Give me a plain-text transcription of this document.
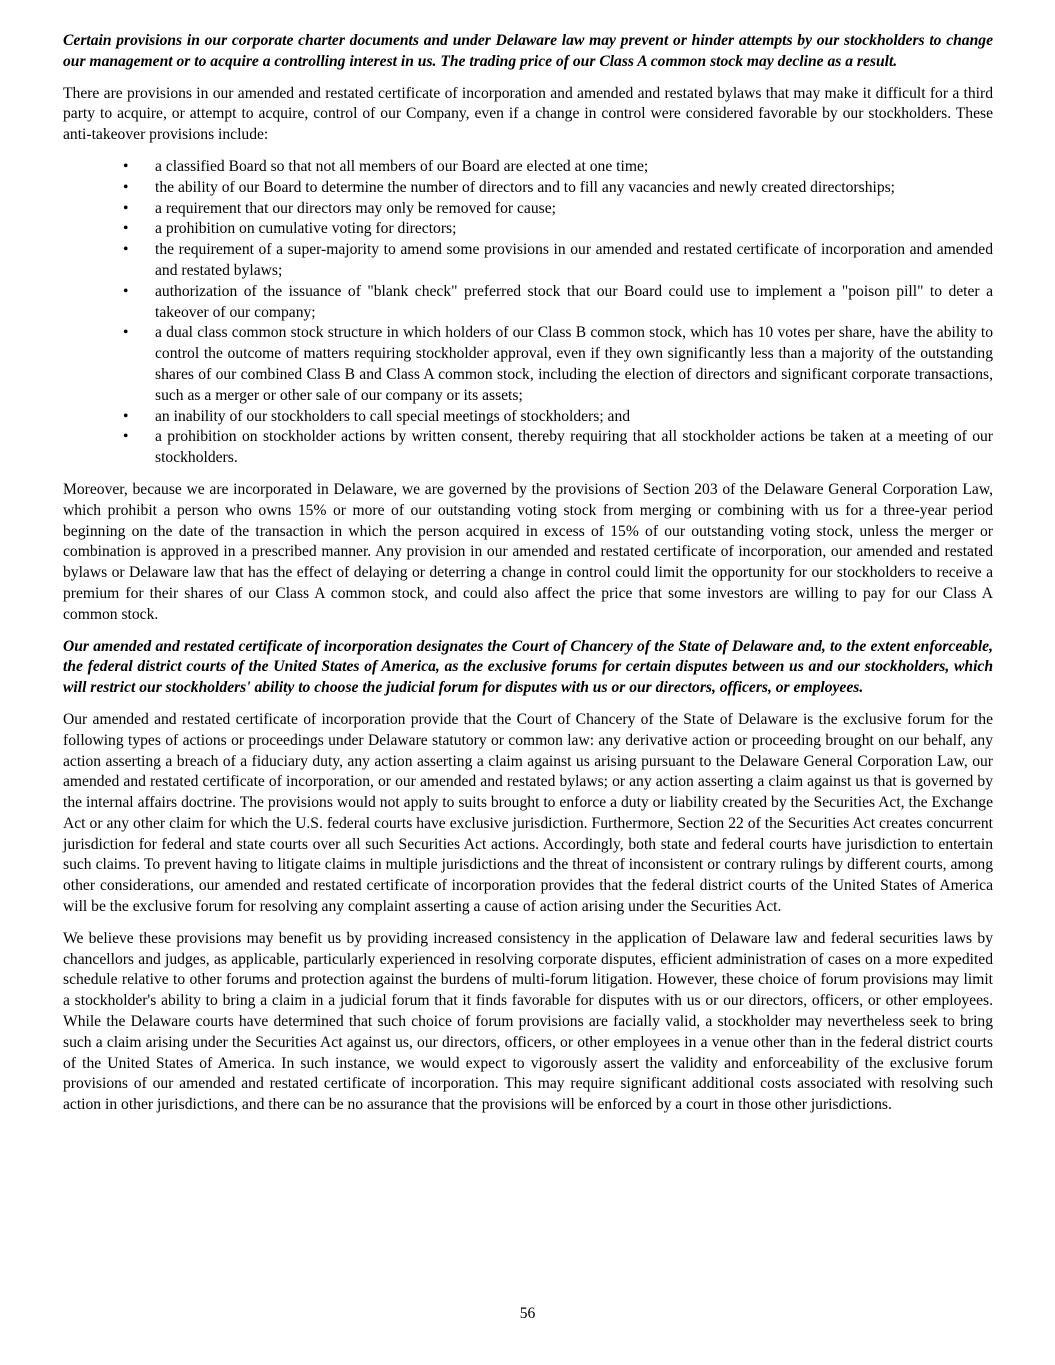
Certain provisions in our corporate charter documents and under Delaware law may prevent or hinder attempts by our stockholders to change our management or to acquire a controlling interest in us. The trading price of our Class A common stock may decline as a result.

There are provisions in our amended and restated certificate of incorporation and amended and restated bylaws that may make it difficult for a third party to acquire, or attempt to acquire, control of our Company, even if a change in control were considered favorable by our stockholders. These anti-takeover provisions include:

• a classified Board so that not all members of our Board are elected at one time;
• the ability of our Board to determine the number of directors and to fill any vacancies and newly created directorships;
• a requirement that our directors may only be removed for cause;
• a prohibition on cumulative voting for directors;
• the requirement of a super-majority to amend some provisions in our amended and restated certificate of incorporation and amended and restated bylaws;
• authorization of the issuance of "blank check" preferred stock that our Board could use to implement a "poison pill" to deter a takeover of our company;
• a dual class common stock structure in which holders of our Class B common stock, which has 10 votes per share, have the ability to control the outcome of matters requiring stockholder approval, even if they own significantly less than a majority of the outstanding shares of our combined Class B and Class A common stock, including the election of directors and significant corporate transactions, such as a merger or other sale of our company or its assets;
• an inability of our stockholders to call special meetings of stockholders; and
• a prohibition on stockholder actions by written consent, thereby requiring that all stockholder actions be taken at a meeting of our stockholders.

Moreover, because we are incorporated in Delaware, we are governed by the provisions of Section 203 of the Delaware General Corporation Law, which prohibit a person who owns 15% or more of our outstanding voting stock from merging or combining with us for a three-year period beginning on the date of the transaction in which the person acquired in excess of 15% of our outstanding voting stock, unless the merger or combination is approved in a prescribed manner. Any provision in our amended and restated certificate of incorporation, our amended and restated bylaws or Delaware law that has the effect of delaying or deterring a change in control could limit the opportunity for our stockholders to receive a premium for their shares of our Class A common stock, and could also affect the price that some investors are willing to pay for our Class A common stock.

Our amended and restated certificate of incorporation designates the Court of Chancery of the State of Delaware and, to the extent enforceable, the federal district courts of the United States of America, as the exclusive forums for certain disputes between us and our stockholders, which will restrict our stockholders' ability to choose the judicial forum for disputes with us or our directors, officers, or employees.

Our amended and restated certificate of incorporation provide that the Court of Chancery of the State of Delaware is the exclusive forum for the following types of actions or proceedings under Delaware statutory or common law: any derivative action or proceeding brought on our behalf, any action asserting a breach of a fiduciary duty, any action asserting a claim against us arising pursuant to the Delaware General Corporation Law, our amended and restated certificate of incorporation, or our amended and restated bylaws; or any action asserting a claim against us that is governed by the internal affairs doctrine. The provisions would not apply to suits brought to enforce a duty or liability created by the Securities Act, the Exchange Act or any other claim for which the U.S. federal courts have exclusive jurisdiction. Furthermore, Section 22 of the Securities Act creates concurrent jurisdiction for federal and state courts over all such Securities Act actions. Accordingly, both state and federal courts have jurisdiction to entertain such claims. To prevent having to litigate claims in multiple jurisdictions and the threat of inconsistent or contrary rulings by different courts, among other considerations, our amended and restated certificate of incorporation provides that the federal district courts of the United States of America will be the exclusive forum for resolving any complaint asserting a cause of action arising under the Securities Act.

We believe these provisions may benefit us by providing increased consistency in the application of Delaware law and federal securities laws by chancellors and judges, as applicable, particularly experienced in resolving corporate disputes, efficient administration of cases on a more expedited schedule relative to other forums and protection against the burdens of multi-forum litigation. However, these choice of forum provisions may limit a stockholder's ability to bring a claim in a judicial forum that it finds favorable for disputes with us or our directors, officers, or other employees. While the Delaware courts have determined that such choice of forum provisions are facially valid, a stockholder may nevertheless seek to bring such a claim arising under the Securities Act against us, our directors, officers, or other employees in a venue other than in the federal district courts of the United States of America. In such instance, we would expect to vigorously assert the validity and enforceability of the exclusive forum provisions of our amended and restated certificate of incorporation. This may require significant additional costs associated with resolving such action in other jurisdictions, and there can be no assurance that the provisions will be enforced by a court in those other jurisdictions.

56
